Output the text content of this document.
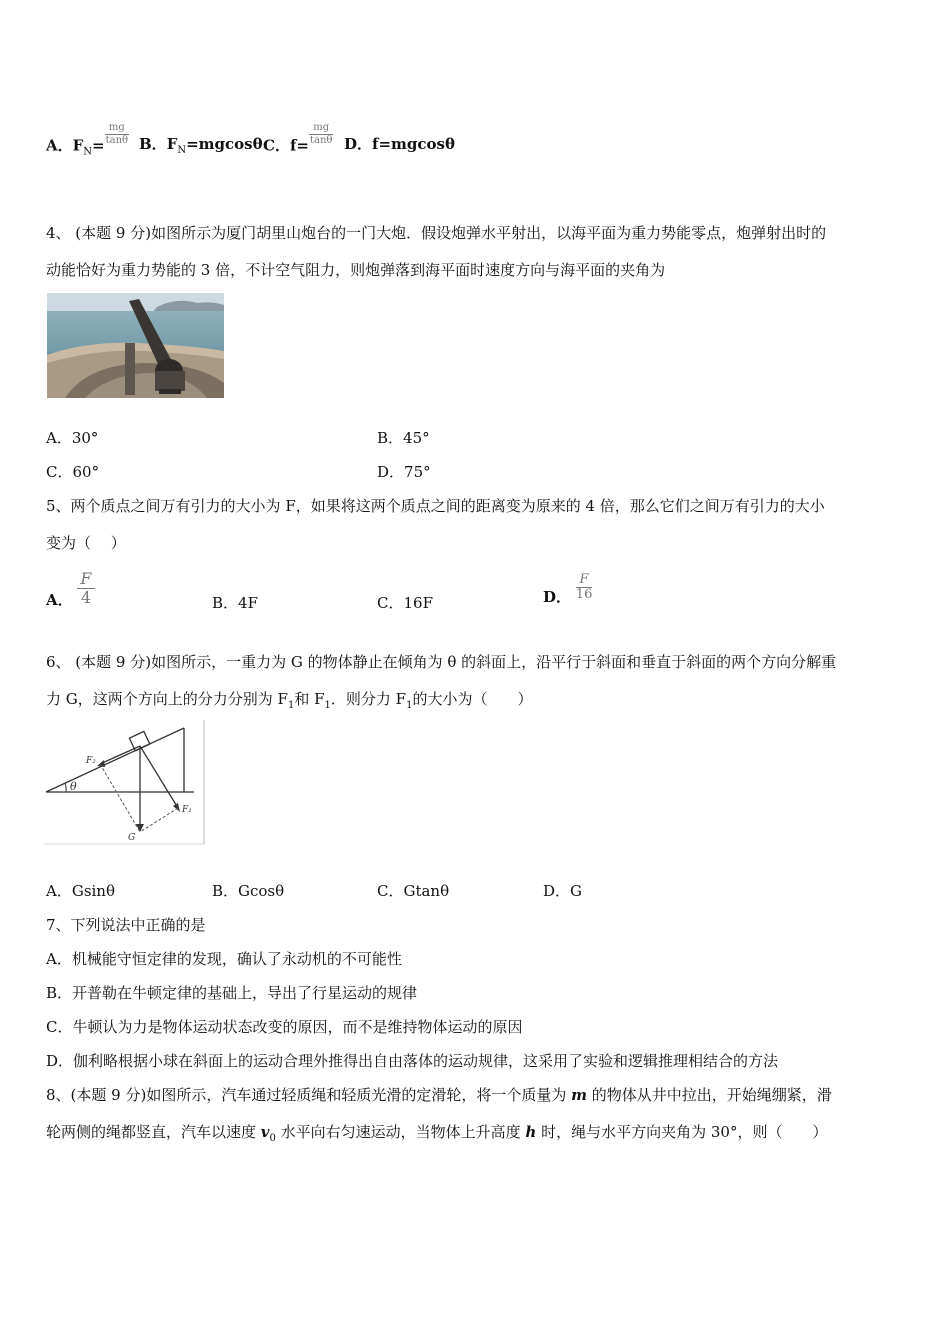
A．$F_N= \frac{mg}{\tan\theta}$ B．$F_N=mgcos\theta$ C．$f= \frac{mg}{\tan\theta}$ D．f=mgcosθ
4、 (本题 9 分)如图所示为厦门胡里山炮台的一门大炮．假设炮弹水平射出，以海平面为重力势能零点，炮弹射出时的
动能恰好为重力势能的 3 倍，不计空气阻力，则炮弹落到海平面时速度方向与海平面的夹角为
A．30°	B．45°
C．60°	D．75°
5、两个质点之间万有引力的大小为 F，如果将这两个质点之间的距离变为原来的 4 倍，那么它们之间万有引力的大小
变为（　 ）
A． $\frac{F}{4}$	B．4F	C．16F	D． $\frac{F}{16}$
6、 (本题 9 分)如图所示，一重力为 G 的物体静止在倾角为 θ 的斜面上，沿平行于斜面和垂直于斜面的两个方向分解重
力 G，这两个方向上的分力分别为 $F_1$和 $F_1$．则分力 $F_1$的大小为（　　）
F₂
θ
G
F₁
A．Gsinθ	B．Gcosθ	C．Gtanθ	D．G
7、下列说法中正确的是
A．机械能守恒定律的发现，确认了永动机的不可能性
B．开普勒在牛顿定律的基础上，导出了行星运动的规律
C．牛顿认为力是物体运动状态改变的原因，而不是维持物体运动的原因
D．伽利略根据小球在斜面上的运动合理外推得出自由落体的运动规律，这采用了实验和逻辑推理相结合的方法
8、(本题 9 分)如图所示，汽车通过轻质绳和轻质光滑的定滑轮，将一个质量为 m 的物体从井中拉出，开始绳绷紧，滑
轮两侧的绳都竖直，汽车以速度 $v_0$ 水平向右匀速运动，当物体上升高度 h 时，绳与水平方向夹角为 30°，则（　　）
